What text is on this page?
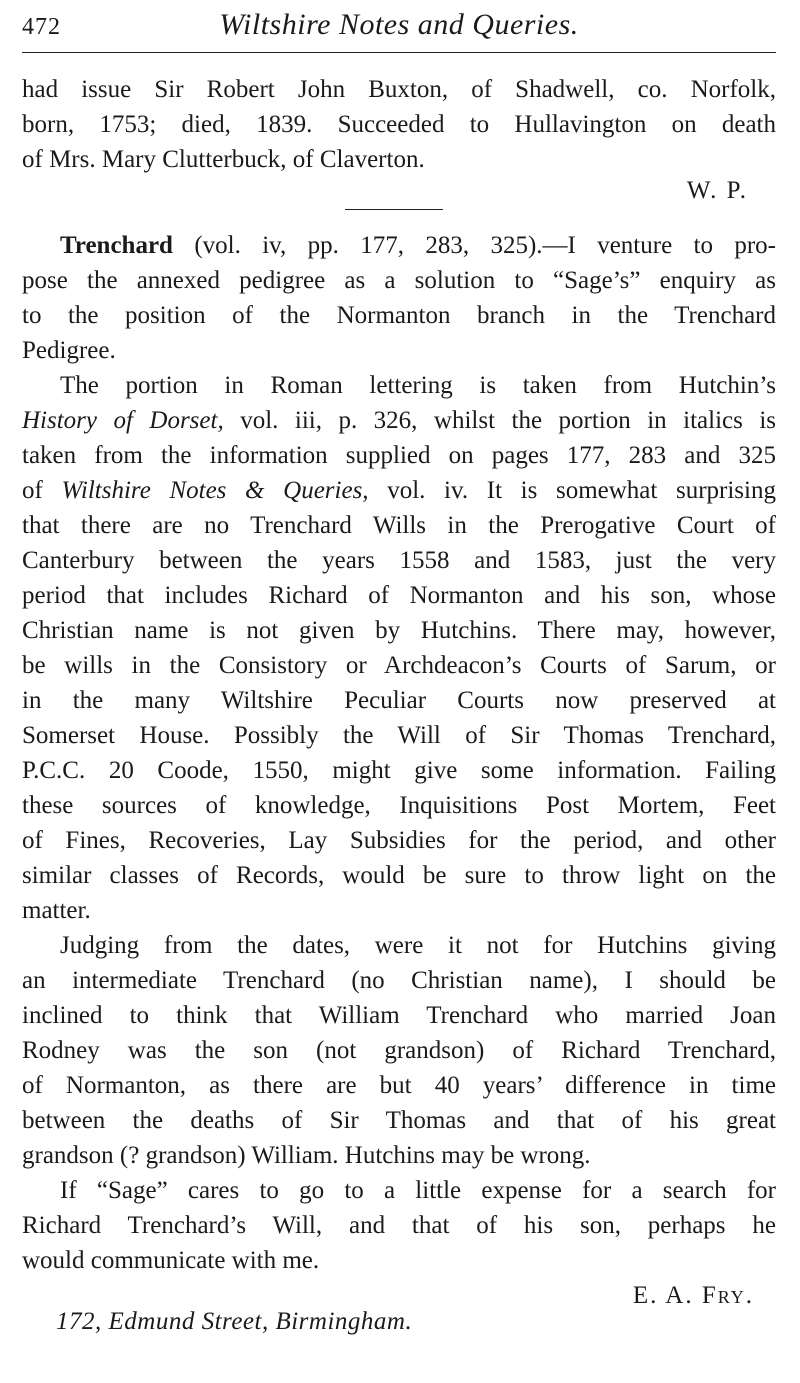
472	Wiltshire Notes and Queries.
had issue Sir Robert John Buxton, of Shadwell, co. Norfolk,
born, 1753; died, 1839. Succeeded to Hullavington on death
of Mrs. Mary Clutterbuck, of Claverton.
W. P.
Trenchard (vol. iv, pp. 177, 283, 325).—I venture to pro-
pose the annexed pedigree as a solution to “Sage’s” enquiry as
to the position of the Normanton branch in the Trenchard
Pedigree.
The portion in Roman lettering is taken from Hutchin’s
History of Dorset, vol. iii, p. 326, whilst the portion in italics is
taken from the information supplied on pages 177, 283 and 325
of Wiltshire Notes & Queries, vol. iv. It is somewhat surprising
that there are no Trenchard Wills in the Prerogative Court of
Canterbury between the years 1558 and 1583, just the very
period that includes Richard of Normanton and his son, whose
Christian name is not given by Hutchins. There may, however,
be wills in the Consistory or Archdeacon’s Courts of Sarum, or
in the many Wiltshire Peculiar Courts now preserved at
Somerset House. Possibly the Will of Sir Thomas Trenchard,
P.C.C. 20 Coode, 1550, might give some information. Failing
these sources of knowledge, Inquisitions Post Mortem, Feet
of Fines, Recoveries, Lay Subsidies for the period, and other
similar classes of Records, would be sure to throw light on the
matter.
Judging from the dates, were it not for Hutchins giving
an intermediate Trenchard (no Christian name), I should be
inclined to think that William Trenchard who married Joan
Rodney was the son (not grandson) of Richard Trenchard,
of Normanton, as there are but 40 years’ difference in time
between the deaths of Sir Thomas and that of his great
grandson (? grandson) William. Hutchins may be wrong.
If “Sage” cares to go to a little expense for a search for
Richard Trenchard’s Will, and that of his son, perhaps he
would communicate with me.
E. A. Fry.
172, Edmund Street, Birmingham.
